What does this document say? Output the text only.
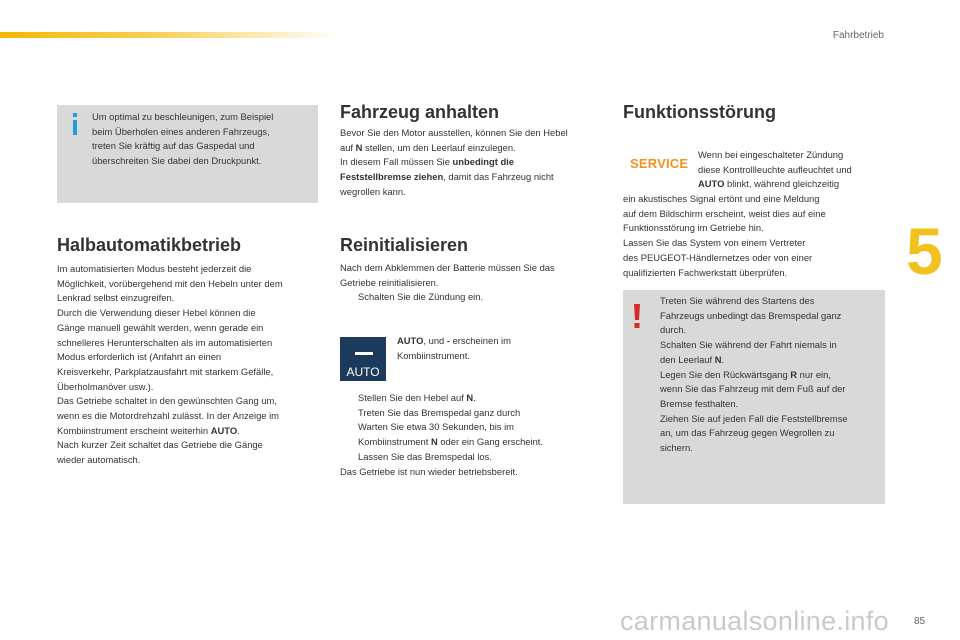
Fahrbetrieb
5
Um optimal zu beschleunigen, zum Beispiel
beim Überholen eines anderen Fahrzeugs,
treten Sie kräftig auf das Gaspedal und
überschreiten Sie dabei den Druckpunkt.
Halbautomatikbetrieb
Im automatisierten Modus besteht jederzeit die
Möglichkeit, vorübergehend mit den Hebeln unter dem
Lenkrad selbst einzugreifen.
Durch die Verwendung dieser Hebel können die
Gänge manuell gewählt werden, wenn gerade ein
schnelleres Herunterschalten als im automatisierten
Modus erforderlich ist (Anfahrt an einen
Kreisverkehr, Parkplatzausfahrt mit starkem Gefälle,
Überholmanöver usw.).
Das Getriebe schaltet in den gewünschten Gang um,
wenn es die Motordrehzahl zulässt. In der Anzeige im
Kombiinstrument erscheint weiterhin AUTO.
Nach kurzer Zeit schaltet das Getriebe die Gänge
wieder automatisch.
Fahrzeug anhalten
Bevor Sie den Motor ausstellen, können Sie den Hebel
auf N stellen, um den Leerlauf einzulegen.
In diesem Fall müssen Sie unbedingt die
Feststellbremse ziehen, damit das Fahrzeug nicht
wegrollen kann.
Reinitialisieren
Nach dem Abklemmen der Batterie müssen Sie das
Getriebe reinitialisieren.
Schalten Sie die Zündung ein.
AUTO
AUTO, und - erscheinen im
Kombiinstrument.
Stellen Sie den Hebel auf N.
Treten Sie das Bremspedal ganz durch
Warten Sie etwa 30 Sekunden, bis im
Kombiinstrument N oder ein Gang erscheint.
Lassen Sie das Bremspedal los.
Das Getriebe ist nun wieder betriebsbereit.
Funktionsstörung
SERVICE
Wenn bei eingeschalteter Zündung
diese Kontrollleuchte aufleuchtet und
AUTO blinkt, während gleichzeitig
ein akustisches Signal ertönt und eine Meldung
auf dem Bildschirm erscheint, weist dies auf eine
Funktionsstörung im Getriebe hin.
Lassen Sie das System von einem Vertreter
des PEUGEOT-Händlernetzes oder von einer
qualifizierten Fachwerkstatt überprüfen.
Treten Sie während des Startens des
Fahrzeugs unbedingt das Bremspedal ganz
durch.
Schalten Sie während der Fahrt niemals in
den Leerlauf N.
Legen Sie den Rückwärtsgang R nur ein,
wenn Sie das Fahrzeug mit dem Fuß auf der
Bremse festhalten.
Ziehen Sie auf jeden Fall die Feststellbremse
an, um das Fahrzeug gegen Wegrollen zu
sichern.
carmanualsonline.info	85
